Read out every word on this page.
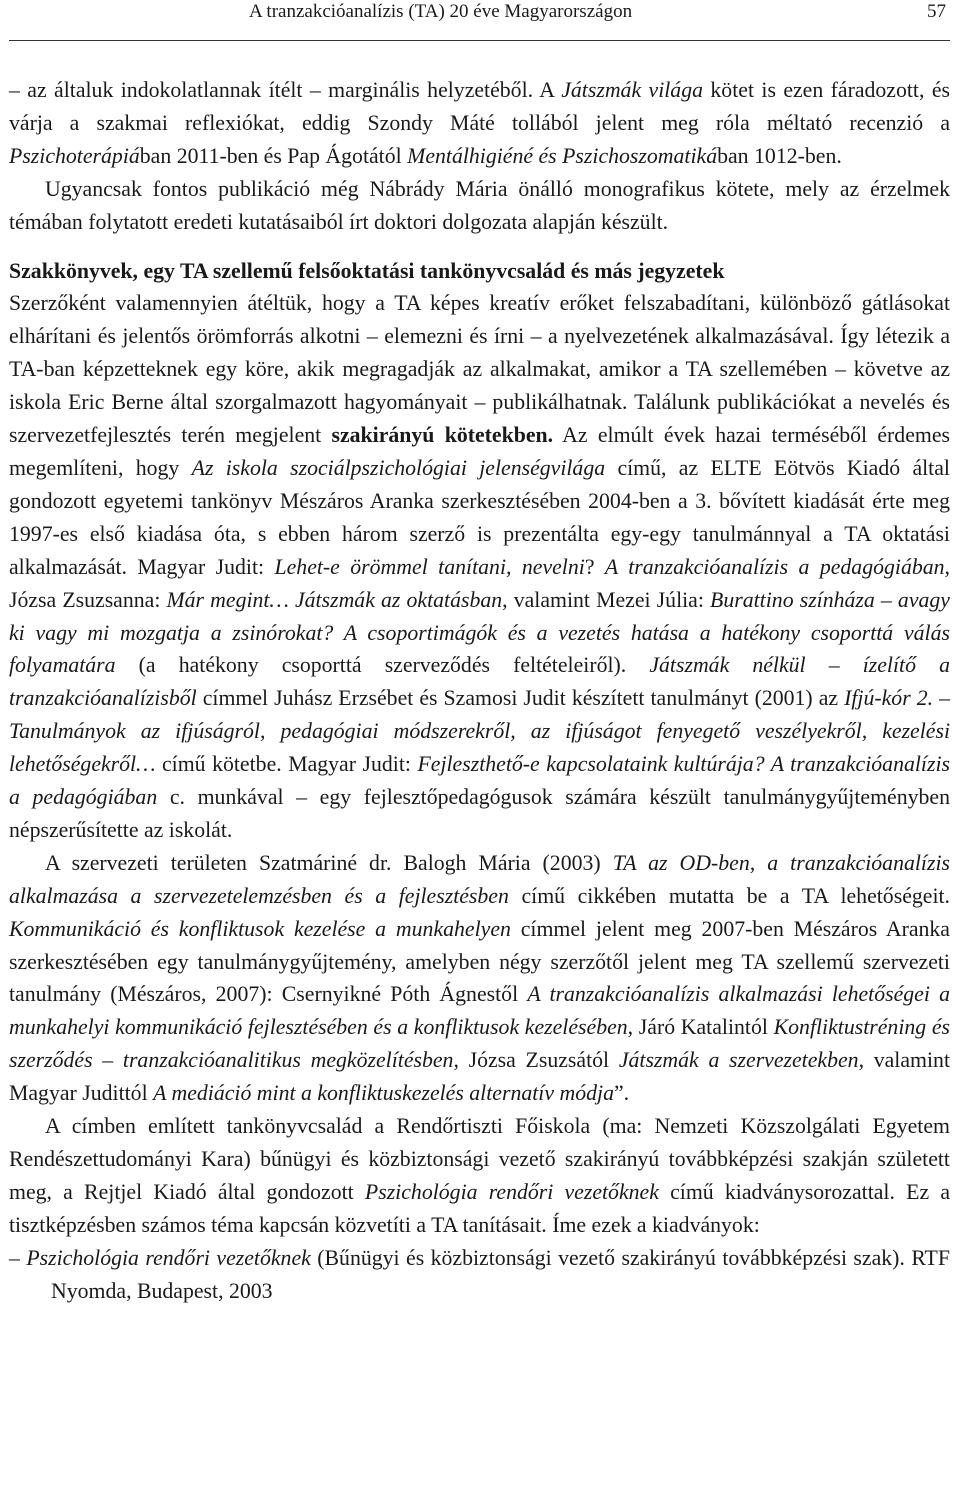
A tranzakcióanalízis (TA) 20 éve Magyarországon	57

– az általuk indokolatlannak ítélt – marginális helyzetéből. A Játszmák világa kötet is ezen fáradozott, és várja a szakmai reflexiókat, eddig Szondy Máté tollából jelent meg róla méltató recenzió a Pszichoterápiában 2011-ben és Pap Ágotától Mentálhigiéné és Pszichoszomatikában 1012-ben.

Ugyancsak fontos publikáció még Nábrády Mária önálló monografikus kötete, mely az érzelmek témában folytatott eredeti kutatásaiból írt doktori dolgozata alapján készült.

Szakkönyvek, egy TA szellemű felsőoktatási tankönyvcsalád és más jegyzetek

Szerzőként valamennyien átéltük, hogy a TA képes kreatív erőket felszabadítani, különböző gátlásokat elhárítani és jelentős örömforrás alkotni – elemezni és írni – a nyelvezetének alkalmazásával. Így létezik a TA-ban képzetteknek egy köre, akik megragadják az alkalmakat, amikor a TA szellemében – követve az iskola Eric Berne által szorgalmazott hagyományait – publikálhatnak. Találunk publikációkat a nevelés és szervezetfejlesztés terén megjelent szakirányú kötetekben. Az elmúlt évek hazai terméséből érdemes megemlíteni, hogy Az iskola szociálpszichológiai jelenségvilága című, az ELTE Eötvös Kiadó által gondozott egyetemi tankönyv Mészáros Aranka szerkesztésében 2004-ben a 3. bővített kiadását érte meg 1997-es első kiadása óta, s ebben három szerző is prezentálta egy-egy tanulmánnyal a TA oktatási alkalmazását. Magyar Judit: Lehet-e örömmel tanítani, nevelni? A tranzakcióanalízis a pedagógiában, Józsa Zsuzsanna: Már megint… Játszmák az oktatásban, valamint Mezei Júlia: Burattino színháza – avagy ki vagy mi mozgatja a zsinórokat? A csoportimágók és a vezetés hatása a hatékony csoporttá válás folyamatára (a hatékony csoporttá szerveződés feltételeiről). Játszmák nélkül – ízelítő a tranzakcióanalízisből címmel Juhász Erzsébet és Szamosi Judit készített tanulmányt (2001) az Ifjú-kór 2. – Tanulmányok az ifjúságról, pedagógiai módszerekről, az ifjúságot fenyegető veszélyekről, kezelési lehetőségekről… című kötetbe. Magyar Judit: Fejleszthető-e kapcsolataink kultúrája? A tranzakcióanalízis a pedagógiában c. munkával – egy fejlesztőpedagógusok számára készült tanulmánygyűjteményben népszerűsítette az iskolát.

A szervezeti területen Szatmáriné dr. Balogh Mária (2003) TA az OD-ben, a tranzakcióanalízis alkalmazása a szervezetelemzésben és a fejlesztésben című cikkében mutatta be a TA lehetőségeit. Kommunikáció és konfliktusok kezelése a munkahelyen címmel jelent meg 2007-ben Mészáros Aranka szerkesztésében egy tanulmánygyűjtemény, amelyben négy szerzőtől jelent meg TA szellemű szervezeti tanulmány (Mészáros, 2007): Csernyikné Póth Ágnestől A tranzakcióanalízis alkalmazási lehetőségei a munkahelyi kommunikáció fejlesztésében és a konfliktusok kezelésében, Járó Katalintól Konfliktustréning és szerződés – tranzakcióanalitikus megközelítésben, Józsa Zsuzsától Játszmák a szervezetekben, valamint Magyar Judittól A mediáció mint a konfliktuskezelés alternatív módja”.

A címben említett tankönyvcsalád a Rendőrtiszti Főiskola (ma: Nemzeti Közszolgálati Egyetem Rendészettudományi Kara) bűnügyi és közbiztonsági vezető szakirányú továbbképzési szakján született meg, a Rejtjel Kiadó által gondozott Pszichológia rendőri vezetőknek című kiadványsorozattal. Ez a tisztképzésben számos téma kapcsán közvetíti a TA tanításait. Íme ezek a kiadványok:

– Pszichológia rendőri vezetőknek (Bűnügyi és közbiztonsági vezető szakirányú továbbképzési szak). RTF Nyomda, Budapest, 2003
